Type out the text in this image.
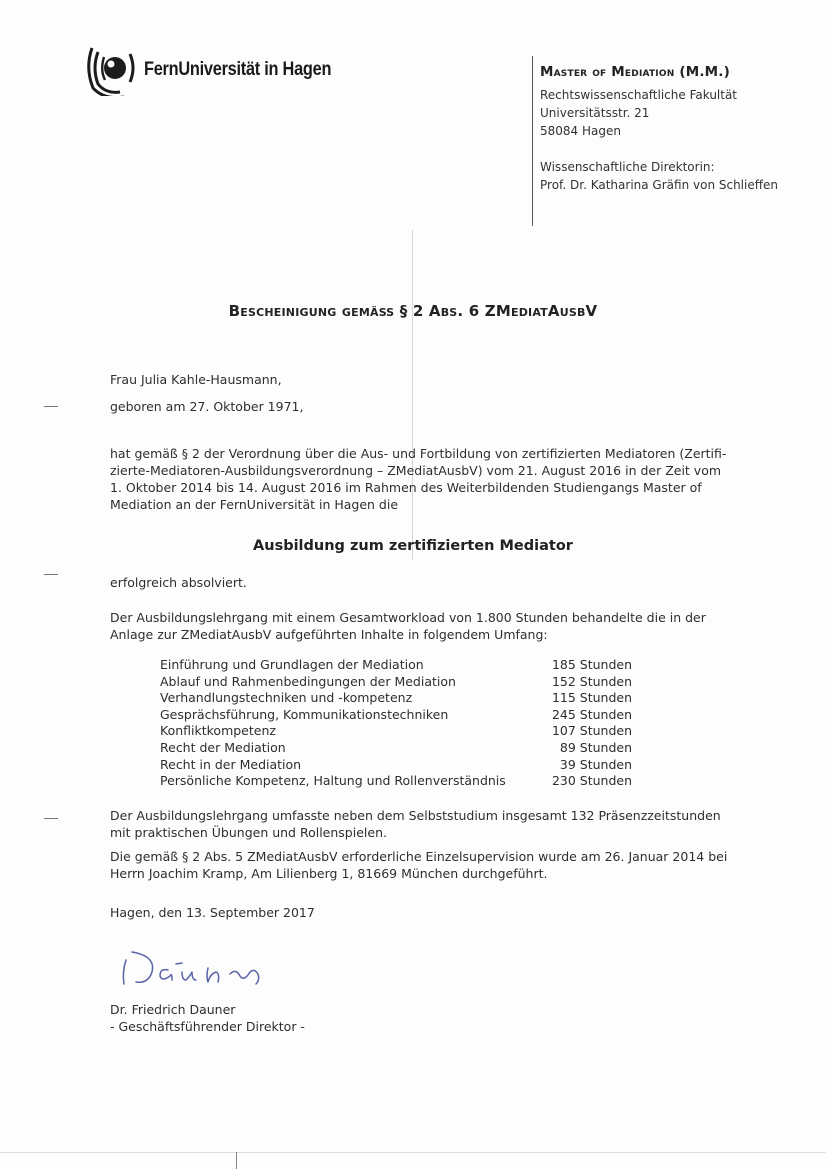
FernUniversität in Hagen	Master of Mediation (M.M.)
Rechtswissenschaftliche Fakultät
Universitätsstr. 21
58084 Hagen
Wissenschaftliche Direktorin:
Prof. Dr. Katharina Gräfin von Schlieffen
Bescheinigung gemäß § 2 Abs. 6 ZMediatAusbV
Frau Julia Kahle-Hausmann,
geboren am 27. Oktober 1971,
hat gemäß § 2 der Verordnung über die Aus- und Fortbildung von zertifizierten Mediatoren (Zertifi-
zierte-Mediatoren-Ausbildungsverordnung – ZMediatAusbV) vom 21. August 2016 in der Zeit vom
1. Oktober 2014 bis 14. August 2016 im Rahmen des Weiterbildenden Studiengangs Master of
Mediation an der FernUniversität in Hagen die
Ausbildung zum zertifizierten Mediator
erfolgreich absolviert.
Der Ausbildungslehrgang mit einem Gesamtworkload von 1.800 Stunden behandelte die in der
Anlage zur ZMediatAusbV aufgeführten Inhalte in folgendem Umfang:
Einführung und Grundlagen der Mediation	185 Stunden
Ablauf und Rahmenbedingungen der Mediation	152 Stunden
Verhandlungstechniken und -kompetenz	115 Stunden
Gesprächsführung, Kommunikationstechniken	245 Stunden
Konfliktkompetenz	107 Stunden
Recht der Mediation	89 Stunden
Recht in der Mediation	39 Stunden
Persönliche Kompetenz, Haltung und Rollenverständnis	230 Stunden
Der Ausbildungslehrgang umfasste neben dem Selbststudium insgesamt 132 Präsenzzeitstunden
mit praktischen Übungen und Rollenspielen.
Die gemäß § 2 Abs. 5 ZMediatAusbV erforderliche Einzelsupervision wurde am 26. Januar 2014 bei
Herrn Joachim Kramp, Am Lilienberg 1, 81669 München durchgeführt.
Hagen, den 13. September 2017
Dr. Friedrich Dauner
- Geschäftsführender Direktor -
